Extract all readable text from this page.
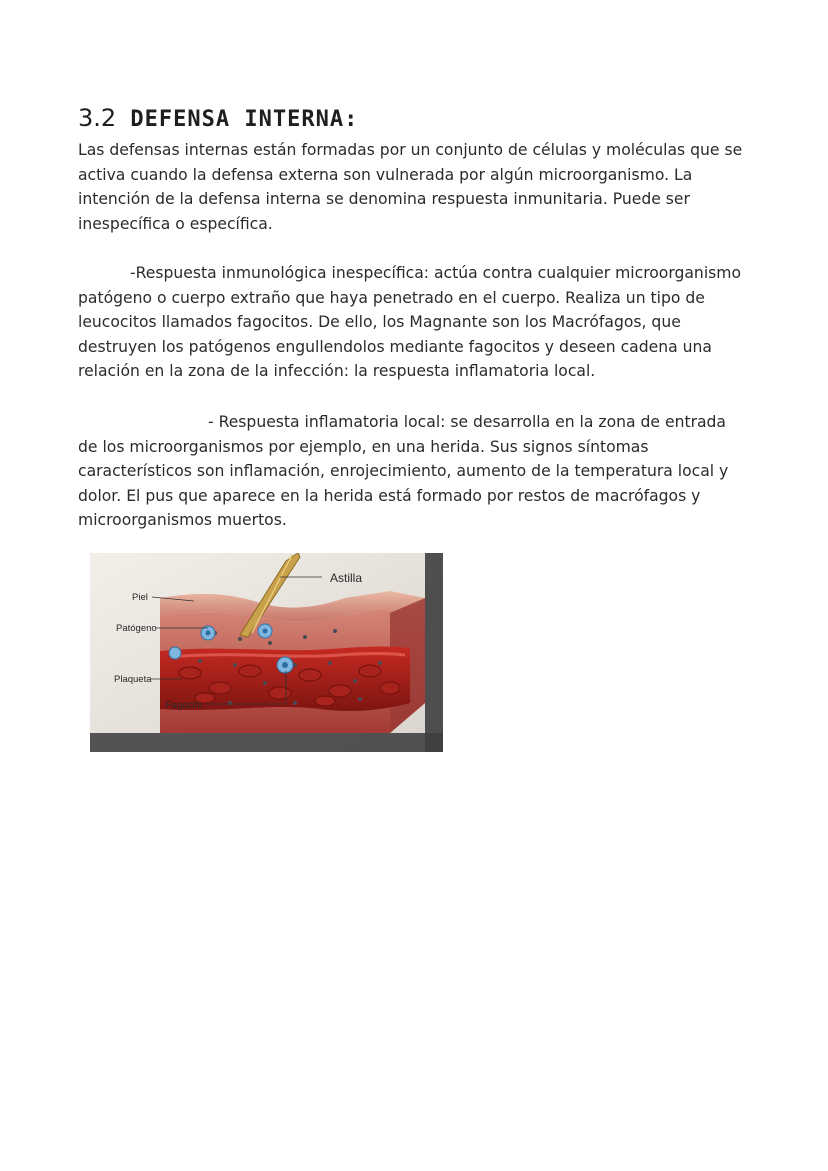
3.2 DEFENSA INTERNA:

Las defensas internas están formadas por un conjunto de células y moléculas que se activa cuando la defensa externa son vulnerada por algún microorganismo. La intención de la defensa interna se denomina respuesta inmunitaria. Puede ser inespecífica o específica.

-Respuesta inmunológica inespecífica: actúa contra cualquier microorganismo patógeno o cuerpo extraño que haya penetrado en el cuerpo. Realiza un tipo de leucocitos llamados fagocitos. De ello, los Magnante son los Macrófagos, que destruyen los patógenos engullendolos mediante fagocitos y deseen cadena una relación en la zona de la infección: la respuesta inflamatoria local.

- Respuesta inflamatoria local: se desarrolla en la zona de entrada de los microorganismos por ejemplo, en una herida. Sus signos síntomas característicos son inflamación, enrojecimiento, aumento de la temperatura local y dolor. El pus que aparece en la herida está formado por restos de macrófagos y microorganismos muertos.

Astilla
Piel
Patógeno
Plaqueta
Fagocito
